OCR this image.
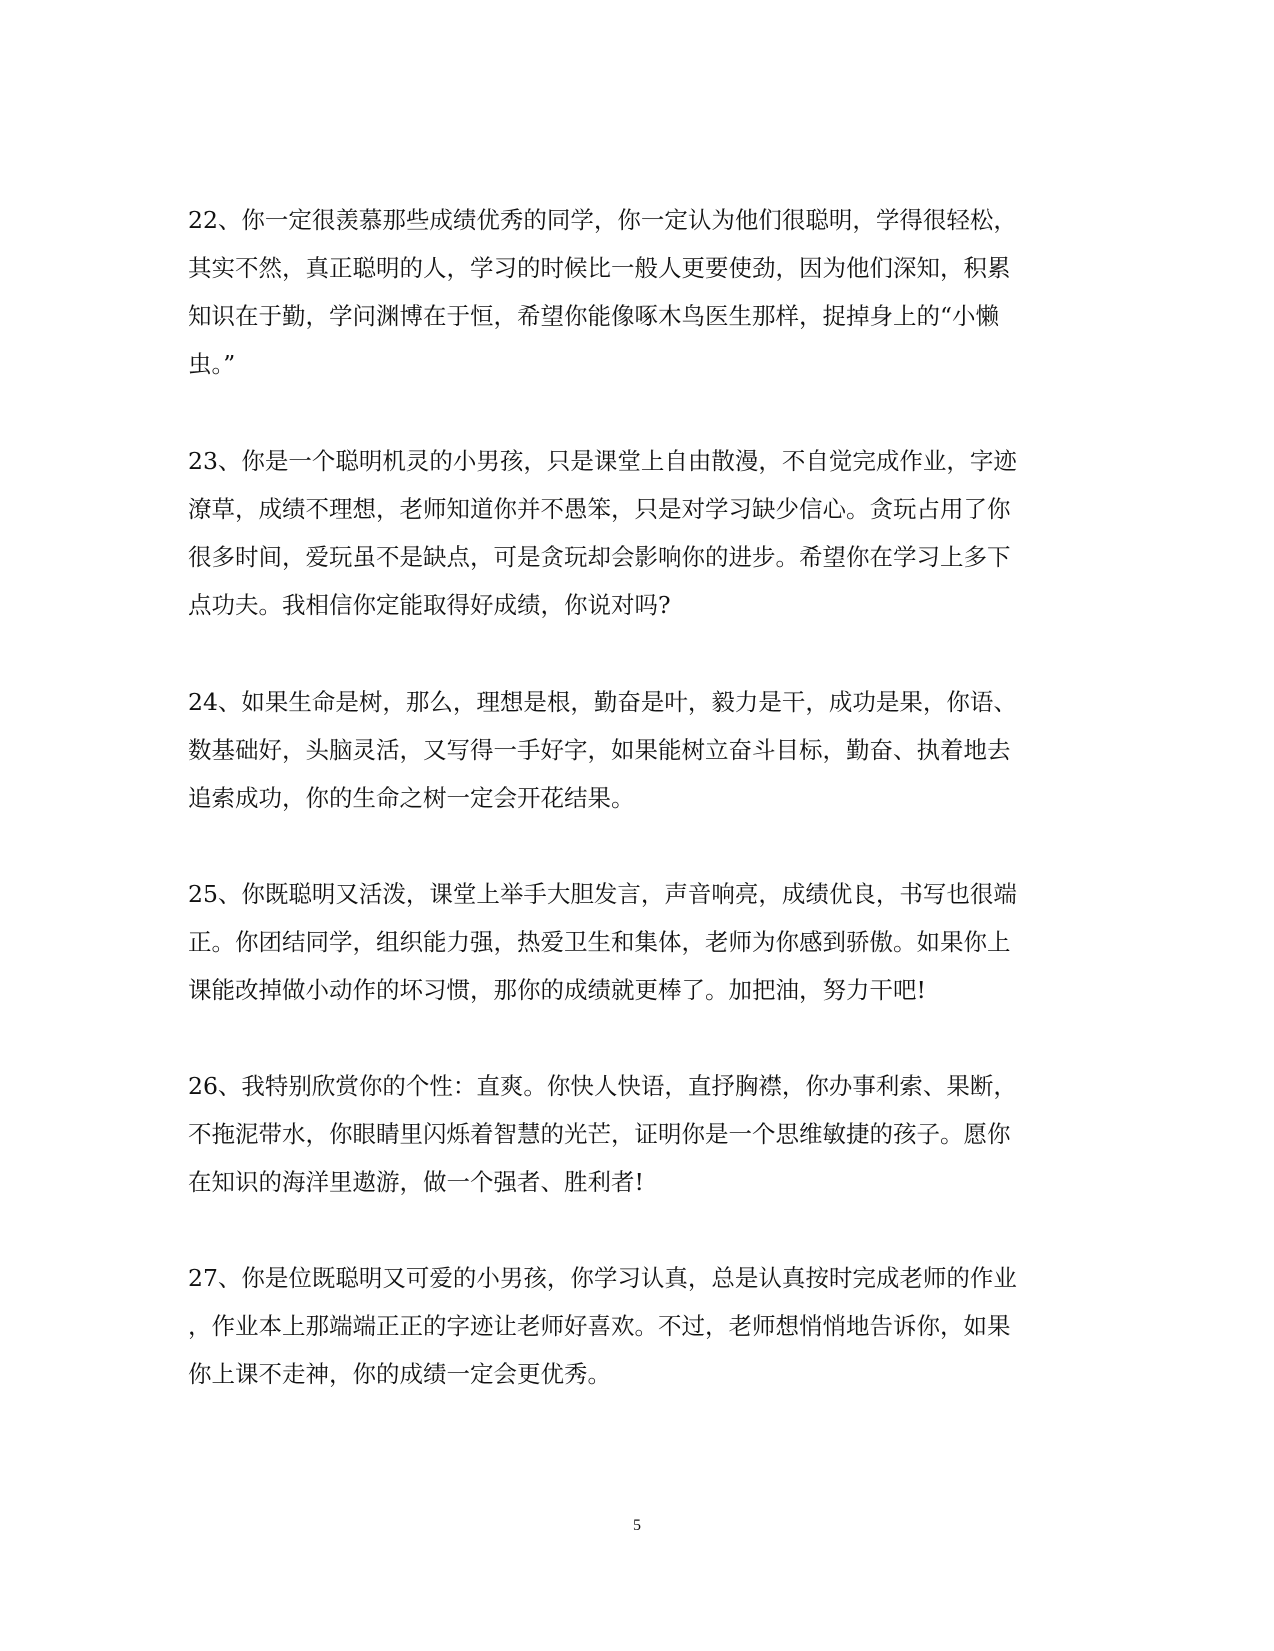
22、你一定很羡慕那些成绩优秀的同学，你一定认为他们很聪明，学得很轻松，
其实不然，真正聪明的人，学习的时候比一般人更要使劲，因为他们深知，积累
知识在于勤，学问渊博在于恒，希望你能像啄木鸟医生那样，捉掉身上的“小懒
虫。”
23、你是一个聪明机灵的小男孩，只是课堂上自由散漫，不自觉完成作业，字迹
潦草，成绩不理想，老师知道你并不愚笨，只是对学习缺少信心。贪玩占用了你
很多时间，爱玩虽不是缺点，可是贪玩却会影响你的进步。希望你在学习上多下
点功夫。我相信你定能取得好成绩，你说对吗?
24、如果生命是树，那么，理想是根，勤奋是叶，毅力是干，成功是果，你语、
数基础好，头脑灵活，又写得一手好字，如果能树立奋斗目标，勤奋、执着地去
追索成功，你的生命之树一定会开花结果。
25、你既聪明又活泼，课堂上举手大胆发言，声音响亮，成绩优良，书写也很端
正。你团结同学，组织能力强，热爱卫生和集体，老师为你感到骄傲。如果你上
课能改掉做小动作的坏习惯，那你的成绩就更棒了。加把油，努力干吧!
26、我特别欣赏你的个性：直爽。你快人快语，直抒胸襟，你办事利索、果断，
不拖泥带水，你眼睛里闪烁着智慧的光芒，证明你是一个思维敏捷的孩子。愿你
在知识的海洋里遨游，做一个强者、胜利者!
27、你是位既聪明又可爱的小男孩，你学习认真，总是认真按时完成老师的作业
，作业本上那端端正正的字迹让老师好喜欢。不过，老师想悄悄地告诉你，如果
你上课不走神，你的成绩一定会更优秀。
5
